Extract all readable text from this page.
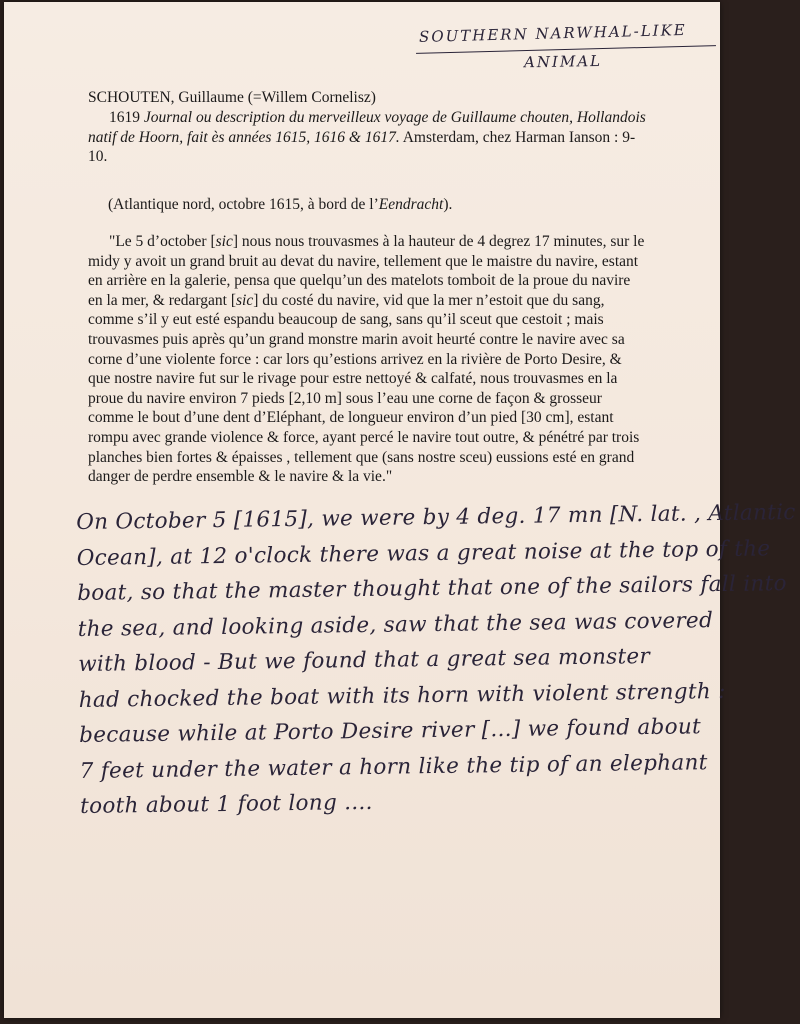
SOUTHERN NARWHAL-LIKE
ANIMAL
SCHOUTEN, Guillaume (=Willem Cornelisz)
1619 Journal ou description du merveilleux voyage de Guillaume chouten, Hollandois natif de Hoorn, fait ès années 1615, 1616 & 1617. Amsterdam, chez Harman Ianson : 9-10.
(Atlantique nord, octobre 1615, à bord de l’Eendracht).
"Le 5 d’october [sic] nous nous trouvasmes à la hauteur de 4 degrez 17 minutes, sur le midy y avoit un grand bruit au devat du navire, tellement que le maistre du navire, estant en arrière en la galerie, pensa que quelqu’un des matelots tomboit de la proue du navire en la mer, & redargant [sic] du costé du navire, vid que la mer n’estoit que du sang, comme s’il y eut esté espandu beaucoup de sang, sans qu’il sceut que cestoit ; mais trouvasmes puis après qu’un grand monstre marin avoit heurté contre le navire avec sa corne d’une violente force : car lors qu’estions arrivez en la rivière de Porto Desire, & que nostre navire fut sur le rivage pour estre nettoyé & calfaté, nous trouvasmes en la proue du navire environ 7 pieds [2,10 m] sous l’eau une corne de façon & grosseur comme le bout d’une dent d’Eléphant, de longueur environ d’un pied [30 cm], estant rompu avec grande violence & force, ayant percé le navire tout outre, & pénétré par trois planches bien fortes & épaisses , tellement que (sans nostre sceu) eussions esté en grand danger de perdre ensemble & le navire & la vie."
On October 5 [1615], we were by 4 deg. 17 mn [N. lat. , Atlantic
Ocean], at 12 o'clock there was a great noise at the top of the
boat, so that the master thought that one of the sailors fall into
the sea, and looking aside, saw that the sea was covered
with blood - But we found that a great sea monster
had chocked the boat with its horn with violent strength :
because while at Porto Desire river [...] we found about
7 feet under the water a horn like the tip of an elephant
tooth about 1 foot long ....
